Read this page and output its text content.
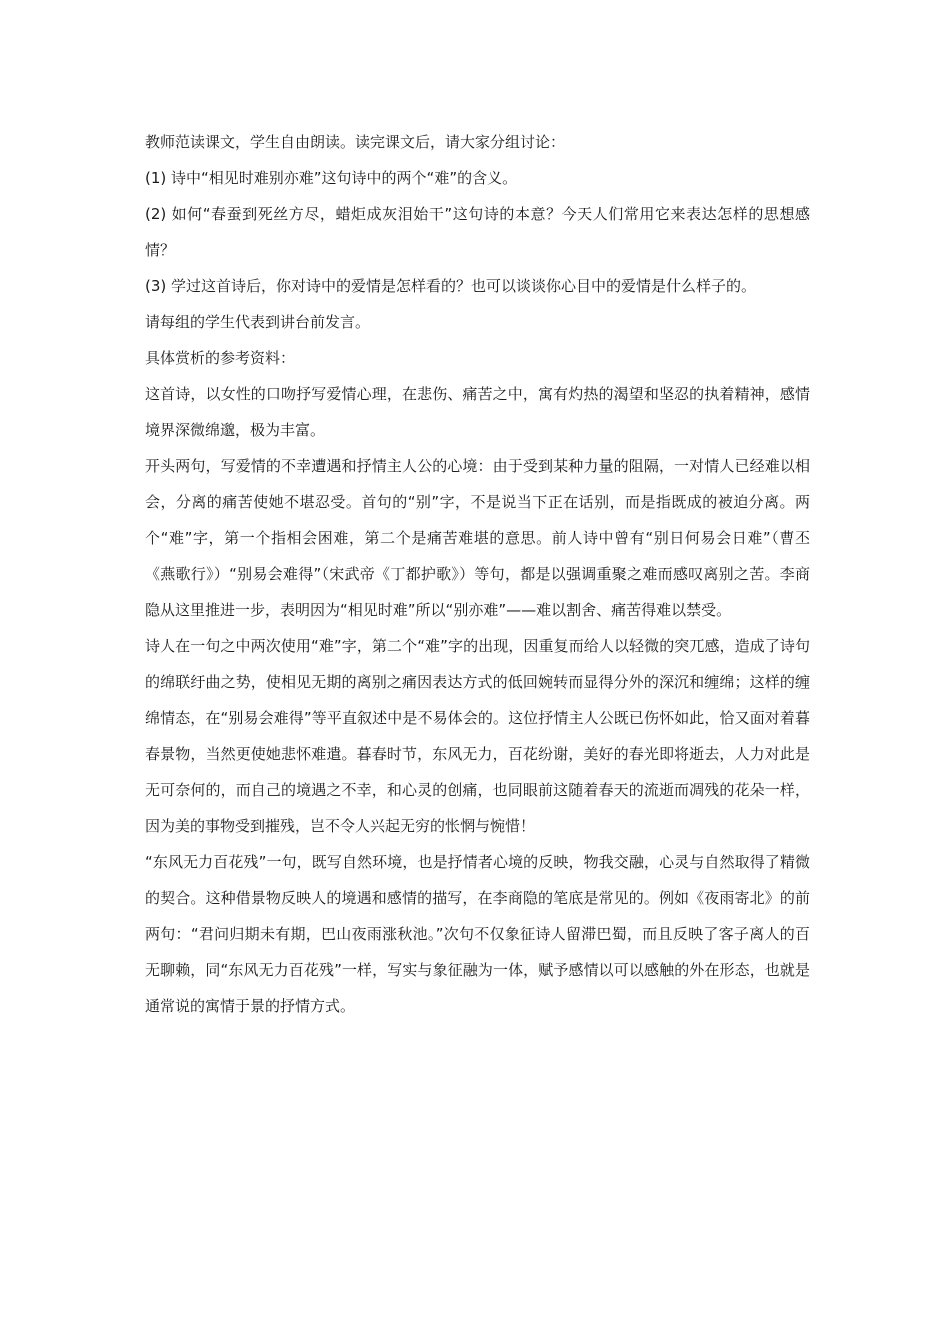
教师范读课文，学生自由朗读。读完课文后，请大家分组讨论：

(1) 诗中“相见时难别亦难”这句诗中的两个“难”的含义。

(2) 如何“春蚕到死丝方尽，蜡炬成灰泪始干”这句诗的本意？今天人们常用它来表达怎样的思想感情？

(3) 学过这首诗后，你对诗中的爱情是怎样看的？也可以谈谈你心目中的爱情是什么样子的。

请每组的学生代表到讲台前发言。

具体赏析的参考资料：

这首诗，以女性的口吻抒写爱情心理，在悲伤、痛苦之中，寓有灼热的渴望和坚忍的执着精神，感情境界深微绵邈，极为丰富。

开头两句，写爱情的不幸遭遇和抒情主人公的心境：由于受到某种力量的阻隔，一对情人已经难以相会，分离的痛苦使她不堪忍受。首句的“别”字，不是说当下正在话别，而是指既成的被迫分离。两个“难”字，第一个指相会困难，第二个是痛苦难堪的意思。前人诗中曾有“别日何易会日难”（曹丕《燕歌行》）“别易会难得”（宋武帝《丁都护歌》）等句，都是以强调重聚之难而感叹离别之苦。李商隐从这里推进一步，表明因为“相见时难”所以“别亦难”——难以割舍、痛苦得难以禁受。

诗人在一句之中两次使用“难”字，第二个“难”字的出现，因重复而给人以轻微的突兀感，造成了诗句的绵联纡曲之势，使相见无期的离别之痛因表达方式的低回婉转而显得分外的深沉和缠绵；这样的缠绵情态，在“别易会难得”等平直叙述中是不易体会的。这位抒情主人公既已伤怀如此，恰又面对着暮春景物，当然更使她悲怀难遣。暮春时节，东风无力，百花纷谢，美好的春光即将逝去，人力对此是无可奈何的，而自己的境遇之不幸，和心灵的创痛，也同眼前这随着春天的流逝而凋残的花朵一样，因为美的事物受到摧残，岂不令人兴起无穷的怅惘与惋惜！

“东风无力百花残”一句，既写自然环境，也是抒情者心境的反映，物我交融，心灵与自然取得了精微的契合。这种借景物反映人的境遇和感情的描写，在李商隐的笔底是常见的。例如《夜雨寄北》的前两句：“君问归期未有期，巴山夜雨涨秋池。”次句不仅象征诗人留滞巴蜀，而且反映了客子离人的百无聊赖，同“东风无力百花残”一样，写实与象征融为一体，赋予感情以可以感触的外在形态，也就是通常说的寓情于景的抒情方式。
